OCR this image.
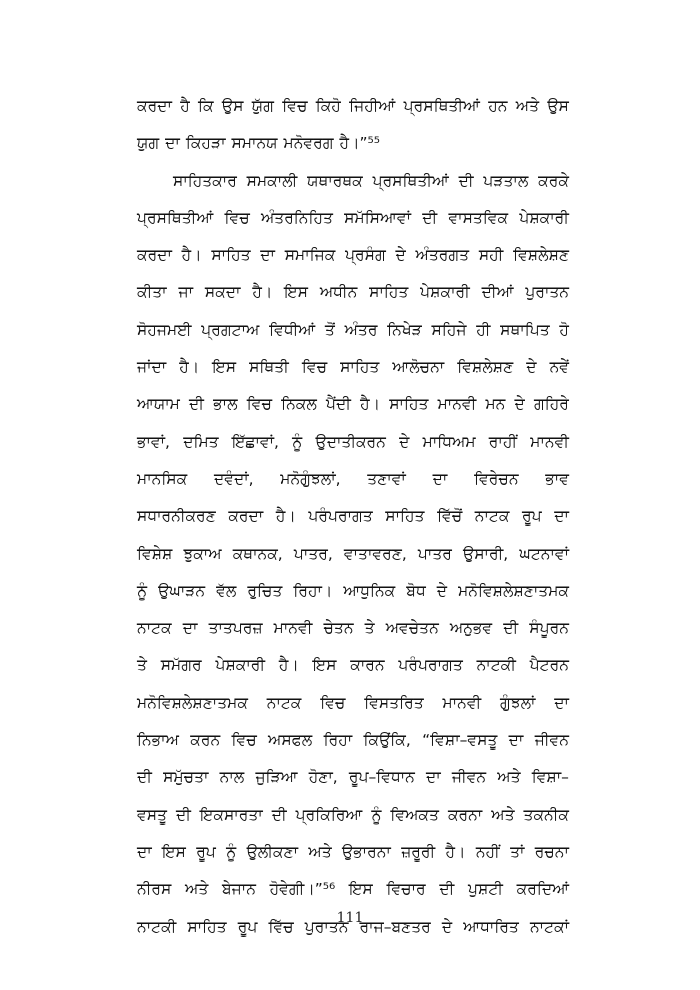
ਕਰਦਾ ਹੈ ਕਿ ਉਸ ਯੁੱਗ ਵਿਚ ਕਿਹੋ ਜਿਹੀਆਂ ਪ੍ਰਸਥਿਤੀਆਂ ਹਨ ਅਤੇ ਉਸ
ਯੁਗ ਦਾ ਕਿਹੜਾ ਸਮਾਨਯ ਮਨੋਵਰਗ ਹੈ।”⁵⁵
ਸਾਹਿਤਕਾਰ ਸਮਕਾਲੀ ਯਥਾਰਥਕ ਪ੍ਰਸਥਿਤੀਆਂ ਦੀ ਪੜਤਾਲ ਕਰਕੇ
ਪ੍ਰਸਥਿਤੀਆਂ ਵਿਚ ਅੰਤਰਨਿਹਿਤ ਸਮੱਸਿਆਵਾਂ ਦੀ ਵਾਸਤਵਿਕ ਪੇਸ਼ਕਾਰੀ
ਕਰਦਾ ਹੈ। ਸਾਹਿਤ ਦਾ ਸਮਾਜਿਕ ਪ੍ਰਸੰਗ ਦੇ ਅੰਤਰਗਤ ਸਹੀ ਵਿਸ਼ਲੇਸ਼ਣ
ਕੀਤਾ ਜਾ ਸਕਦਾ ਹੈ। ਇਸ ਅਧੀਨ ਸਾਹਿਤ ਪੇਸ਼ਕਾਰੀ ਦੀਆਂ ਪੁਰਾਤਨ
ਸੋਹਜਮਈ ਪ੍ਰਗਟਾਅ ਵਿਧੀਆਂ ਤੋਂ ਅੰਤਰ ਨਿਖੇੜ ਸਹਿਜੇ ਹੀ ਸਥਾਪਿਤ ਹੋ
ਜਾਂਦਾ ਹੈ। ਇਸ ਸਥਿਤੀ ਵਿਚ ਸਾਹਿਤ ਆਲੋਚਨਾ ਵਿਸ਼ਲੇਸ਼ਣ ਦੇ ਨਵੇਂ
ਆਯਾਮ ਦੀ ਭਾਲ ਵਿਚ ਨਿਕਲ ਪੈਂਦੀ ਹੈ। ਸਾਹਿਤ ਮਾਨਵੀ ਮਨ ਦੇ ਗਹਿਰੇ
ਭਾਵਾਂ, ਦਮਿਤ ਇੱਛਾਵਾਂ, ਨੂੰ ਉਦਾਤੀਕਰਨ ਦੇ ਮਾਧਿਅਮ ਰਾਹੀਂ ਮਾਨਵੀ
ਮਾਨਸਿਕ ਦਵੰਦਾਂ, ਮਨੋਗੁੰਝਲਾਂ, ਤਣਾਵਾਂ ਦਾ ਵਿਰੇਚਨ ਭਾਵ
ਸਧਾਰਨੀਕਰਣ ਕਰਦਾ ਹੈ। ਪਰੰਪਰਾਗਤ ਸਾਹਿਤ ਵਿੱਚੋਂ ਨਾਟਕ ਰੂਪ ਦਾ
ਵਿਸ਼ੇਸ਼ ਝੁਕਾਅ ਕਥਾਨਕ, ਪਾਤਰ, ਵਾਤਾਵਰਣ, ਪਾਤਰ ਉਸਾਰੀ, ਘਟਨਾਵਾਂ
ਨੂੰ ਉਘਾੜਨ ਵੱਲ ਰੁਚਿਤ ਰਿਹਾ। ਆਧੁਨਿਕ ਬੋਧ ਦੇ ਮਨੋਵਿਸ਼ਲੇਸ਼ਣਾਤਮਕ
ਨਾਟਕ ਦਾ ਤਾਤਪਰਜ਼ ਮਾਨਵੀ ਚੇਤਨ ਤੇ ਅਵਚੇਤਨ ਅਨੁਭਵ ਦੀ ਸੰਪੂਰਨ
ਤੇ ਸਮੱਗਰ ਪੇਸ਼ਕਾਰੀ ਹੈ। ਇਸ ਕਾਰਨ ਪਰੰਪਰਾਗਤ ਨਾਟਕੀ ਪੈਟਰਨ
ਮਨੋਵਿਸ਼ਲੇਸ਼ਣਾਤਮਕ ਨਾਟਕ ਵਿਚ ਵਿਸਤਰਿਤ ਮਾਨਵੀ ਗੁੰਝਲਾਂ ਦਾ
ਨਿਭਾਅ ਕਰਨ ਵਿਚ ਅਸਫਲ ਰਿਹਾ ਕਿਉਂਕਿ, “ਵਿਸ਼ਾ–ਵਸਤੂ ਦਾ ਜੀਵਨ
ਦੀ ਸਮੁੱਚਤਾ ਨਾਲ ਜੁੜਿਆ ਹੋਣਾ, ਰੂਪ–ਵਿਧਾਨ ਦਾ ਜੀਵਨ ਅਤੇ ਵਿਸ਼ਾ–
ਵਸਤੂ ਦੀ ਇਕਸਾਰਤਾ ਦੀ ਪ੍ਰਕਿਰਿਆ ਨੂੰ ਵਿਅਕਤ ਕਰਨਾ ਅਤੇ ਤਕਨੀਕ
ਦਾ ਇਸ ਰੂਪ ਨੂੰ ਉਲੀਕਣਾ ਅਤੇ ਉਭਾਰਨਾ ਜ਼ਰੂਰੀ ਹੈ। ਨਹੀਂ ਤਾਂ ਰਚਨਾ
ਨੀਰਸ ਅਤੇ ਬੇਜਾਨ ਹੋਵੇਗੀ।”⁵⁶ ਇਸ ਵਿਚਾਰ ਦੀ ਪੁਸ਼ਟੀ ਕਰਦਿਆਂ
ਨਾਟਕੀ ਸਾਹਿਤ ਰੂਪ ਵਿੱਚ ਪੁਰਾਤਨ ਰਾਜ–ਬਣਤਰ ਦੇ ਆਧਾਰਿਤ ਨਾਟਕਾਂ
111
